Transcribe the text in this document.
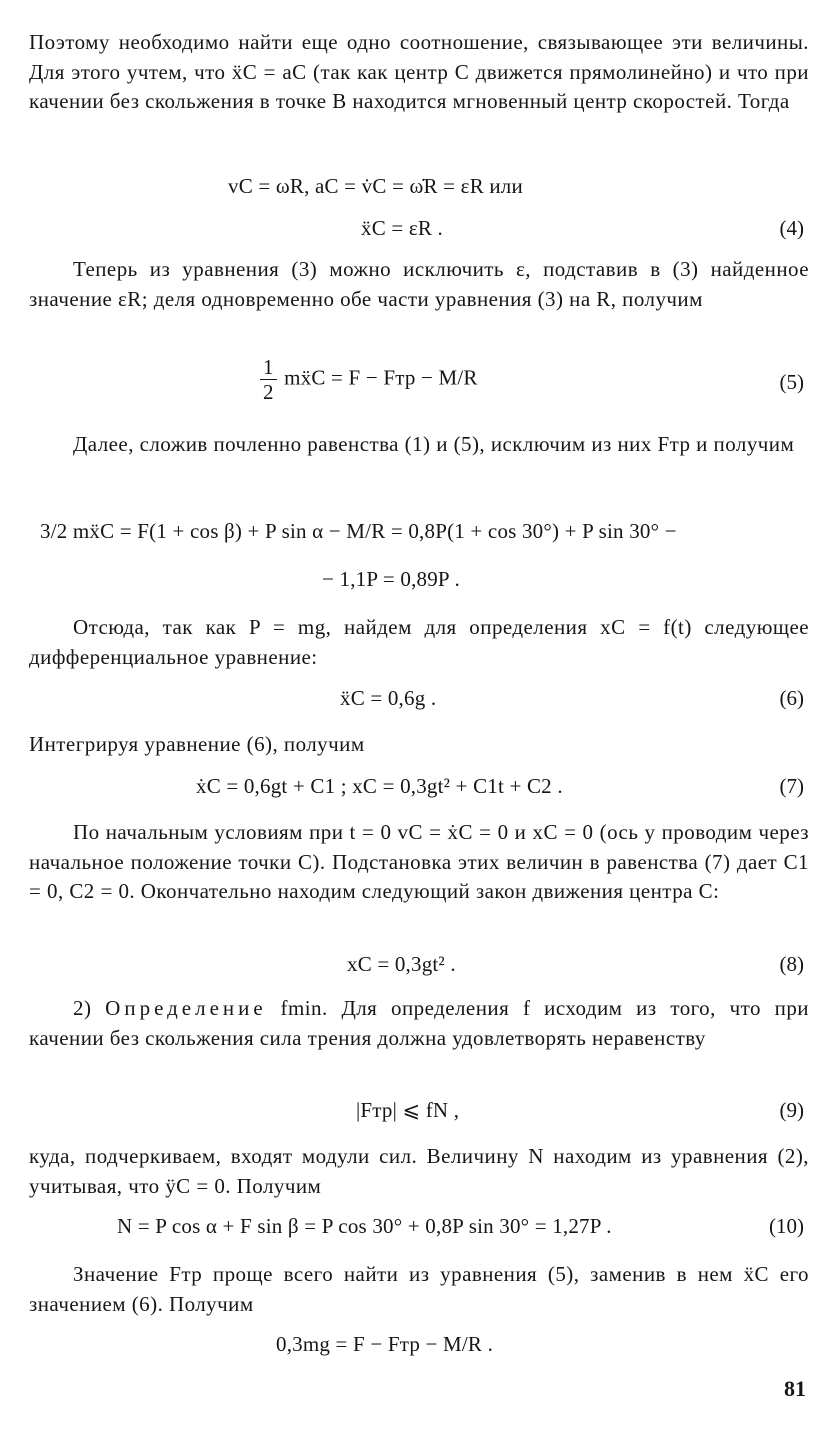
Поэтому необходимо найти еще одно соотношение, связывающее эти величины. Для этого учтем, что ẍC = aC (так как центр C движется прямолинейно) и что при качении без скольжения в точке B находится мгновенный центр скоростей. Тогда

vC = ωR, aC = v̇C = ω̇R = εR или
ẍC = εR .	(4)

Теперь из уравнения (3) можно исключить ε, подставив в (3) найденное значение εR; деля одновременно обе части уравнения (3) на R, получим

$\frac{1}{2}$ mẍC = F − Fтр − M/R	(5)

Далее, сложив почленно равенства (1) и (5), исключим из них Fтр и получим

3/2 mẍC = F(1 + cos β) + P sin α − M/R = 0,8P(1 + cos 30°) + P sin 30° −
− 1,1P = 0,89P .

Отсюда, так как P = mg, найдем для определения xC = f(t) следующее дифференциальное уравнение:

ẍC = 0,6g .	(6)

Интегрируя уравнение (6), получим

ẋC = 0,6gt + C1 ; xC = 0,3gt² + C1t + C2 .	(7)

По начальным условиям при t = 0 vC = ẋC = 0 и xC = 0 (ось y проводим через начальное положение точки C). Подстановка этих величин в равенства (7) дает C1 = 0, C2 = 0. Окончательно находим следующий закон движения центра C:

xC = 0,3gt² .	(8)

2) Определение fmin. Для определения f исходим из того, что при качении без скольжения сила трения должна удовлетворять неравенству

|Fтр| ⩽ fN ,	(9)

куда, подчеркиваем, входят модули сил. Величину N находим из уравнения (2), учитывая, что ÿC = 0. Получим

N = P cos α + F sin β = P cos 30° + 0,8P sin 30° = 1,27P .	(10)

Значение Fтр проще всего найти из уравнения (5), заменив в нем ẍC его значением (6). Получим

0,3mg = F − Fтр − M/R .
81
